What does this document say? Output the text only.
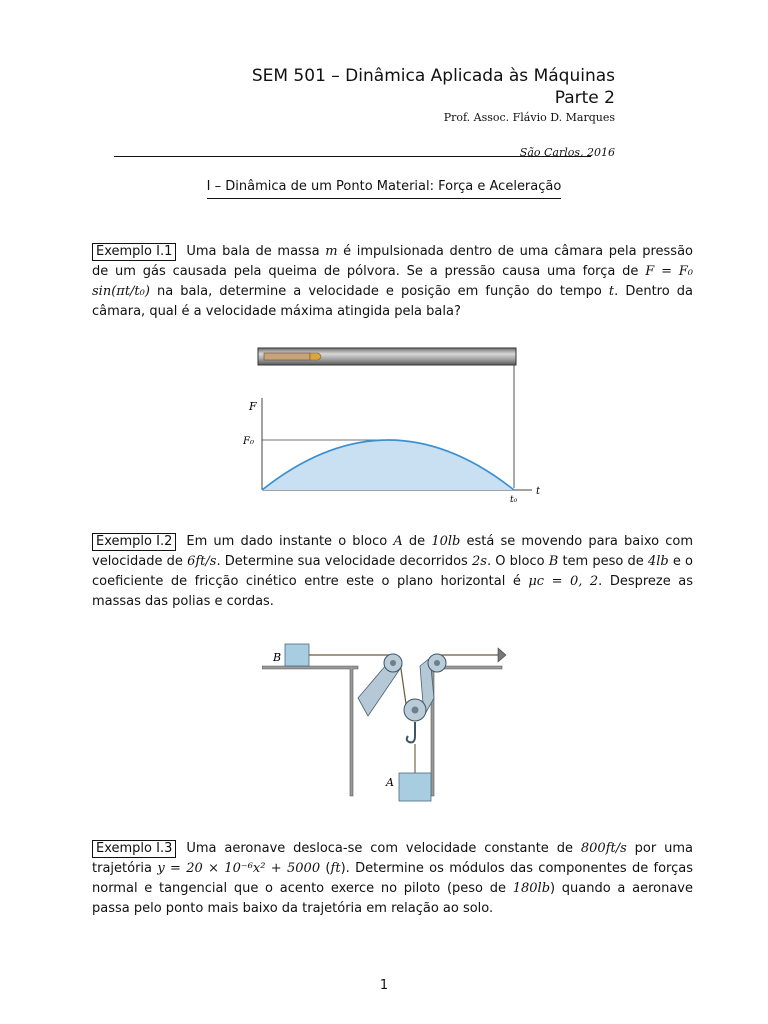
SEM 501 – Dinâmica Aplicada às Máquinas
Parte 2
Prof. Assoc. Flávio D. Marques
São Carlos, 2016
I – Dinâmica de um Ponto Material: Força e Aceleração
Exemplo I.1 Uma bala de massa m é impulsionada dentro de uma câmara pela pressão de um gás causada pela queima de pólvora. Se a pressão causa uma força de F = F₀ sin(πt/t₀) na bala, determine a velocidade e posição em função do tempo t. Dentro da câmara, qual é a velocidade máxima atingida pela bala?
F
F₀
t
t₀
Exemplo I.2 Em um dado instante o bloco A de 10lb está se movendo para baixo com velocidade de 6ft/s. Determine sua velocidade decorridos 2s. O bloco B tem peso de 4lb e o coeficiente de fricção cinético entre este o plano horizontal é μc = 0, 2. Despreze as massas das polias e cordas.
B
A
Exemplo I.3 Uma aeronave desloca-se com velocidade constante de 800ft/s por uma trajetória y = 20 × 10⁻⁶x² + 5000 (ft). Determine os módulos das componentes de forças normal e tangencial que o acento exerce no piloto (peso de 180lb) quando a aeronave passa pelo ponto mais baixo da trajetória em relação ao solo.
1
